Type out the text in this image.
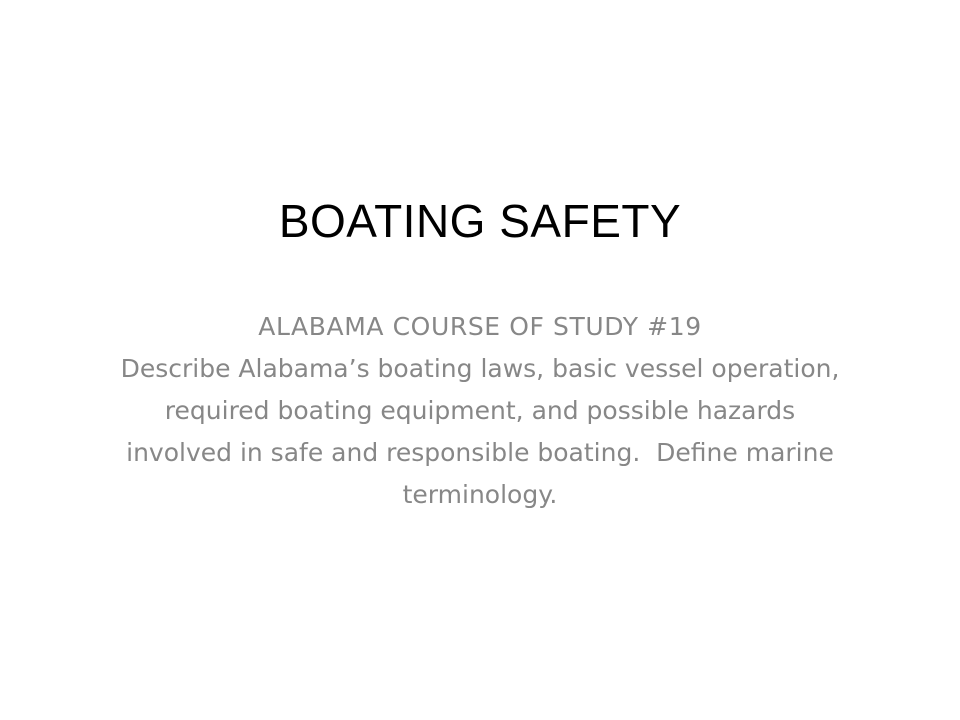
BOATING SAFETY
ALABAMA COURSE OF STUDY #19
Describe Alabama’s boating laws, basic vessel operation, required boating equipment, and possible hazards involved in safe and responsible boating.  Define marine terminology.
